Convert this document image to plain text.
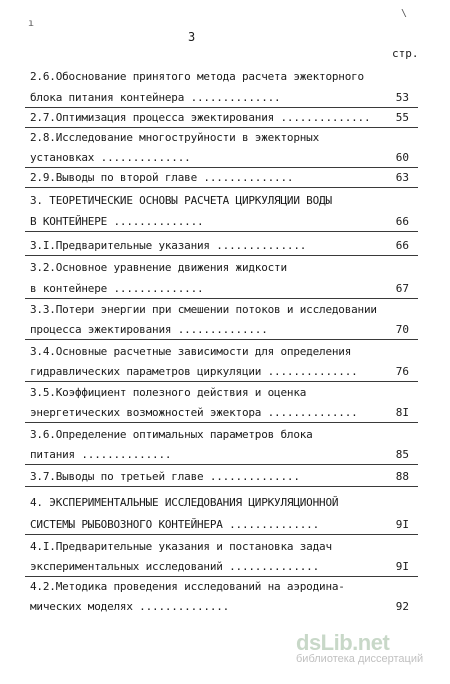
ı
\
3
стр.
2.6.Обоснование принятого метода расчета эжекторного
блока питания контейнера ..............	53
2.7.Оптимизация процесса эжектирования ..............	55
2.8.Исследование многоструйности в эжекторных
установках ..............	60
2.9.Выводы по второй главе ..............	63
3. ТЕОРЕТИЧЕСКИЕ ОСНОВЫ РАСЧЕТА ЦИРКУЛЯЦИИ ВОДЫ
В КОНТЕЙНЕРЕ ..............	66
3.I.Предварительные указания ..............	66
3.2.Основное уравнение движения жидкости
в контейнере ..............	67
3.3.Потери энергии при смешении потоков и исследовании
процесса эжектирования ..............	70
3.4.Основные расчетные зависимости для определения
гидравлических параметров циркуляции ..............	76
3.5.Коэффициент полезного действия и оценка
энергетических возможностей эжектора ..............	8I
3.6.Определение оптимальных параметров блока
питания ..............	85
3.7.Выводы по третьей главе ..............	88
4. ЭКСПЕРИМЕНТАЛЬНЫЕ ИССЛЕДОВАНИЯ ЦИРКУЛЯЦИОННОЙ
СИСТЕМЫ РЫБОВОЗНОГО КОНТЕЙНЕРА ..............	9I
4.I.Предварительные указания и постановка задач
экспериментальных исследований ..............	9I
4.2.Методика проведения исследований на аэродина-
мических моделях ..............	92
dsLib.net
библиотека диссертаций
